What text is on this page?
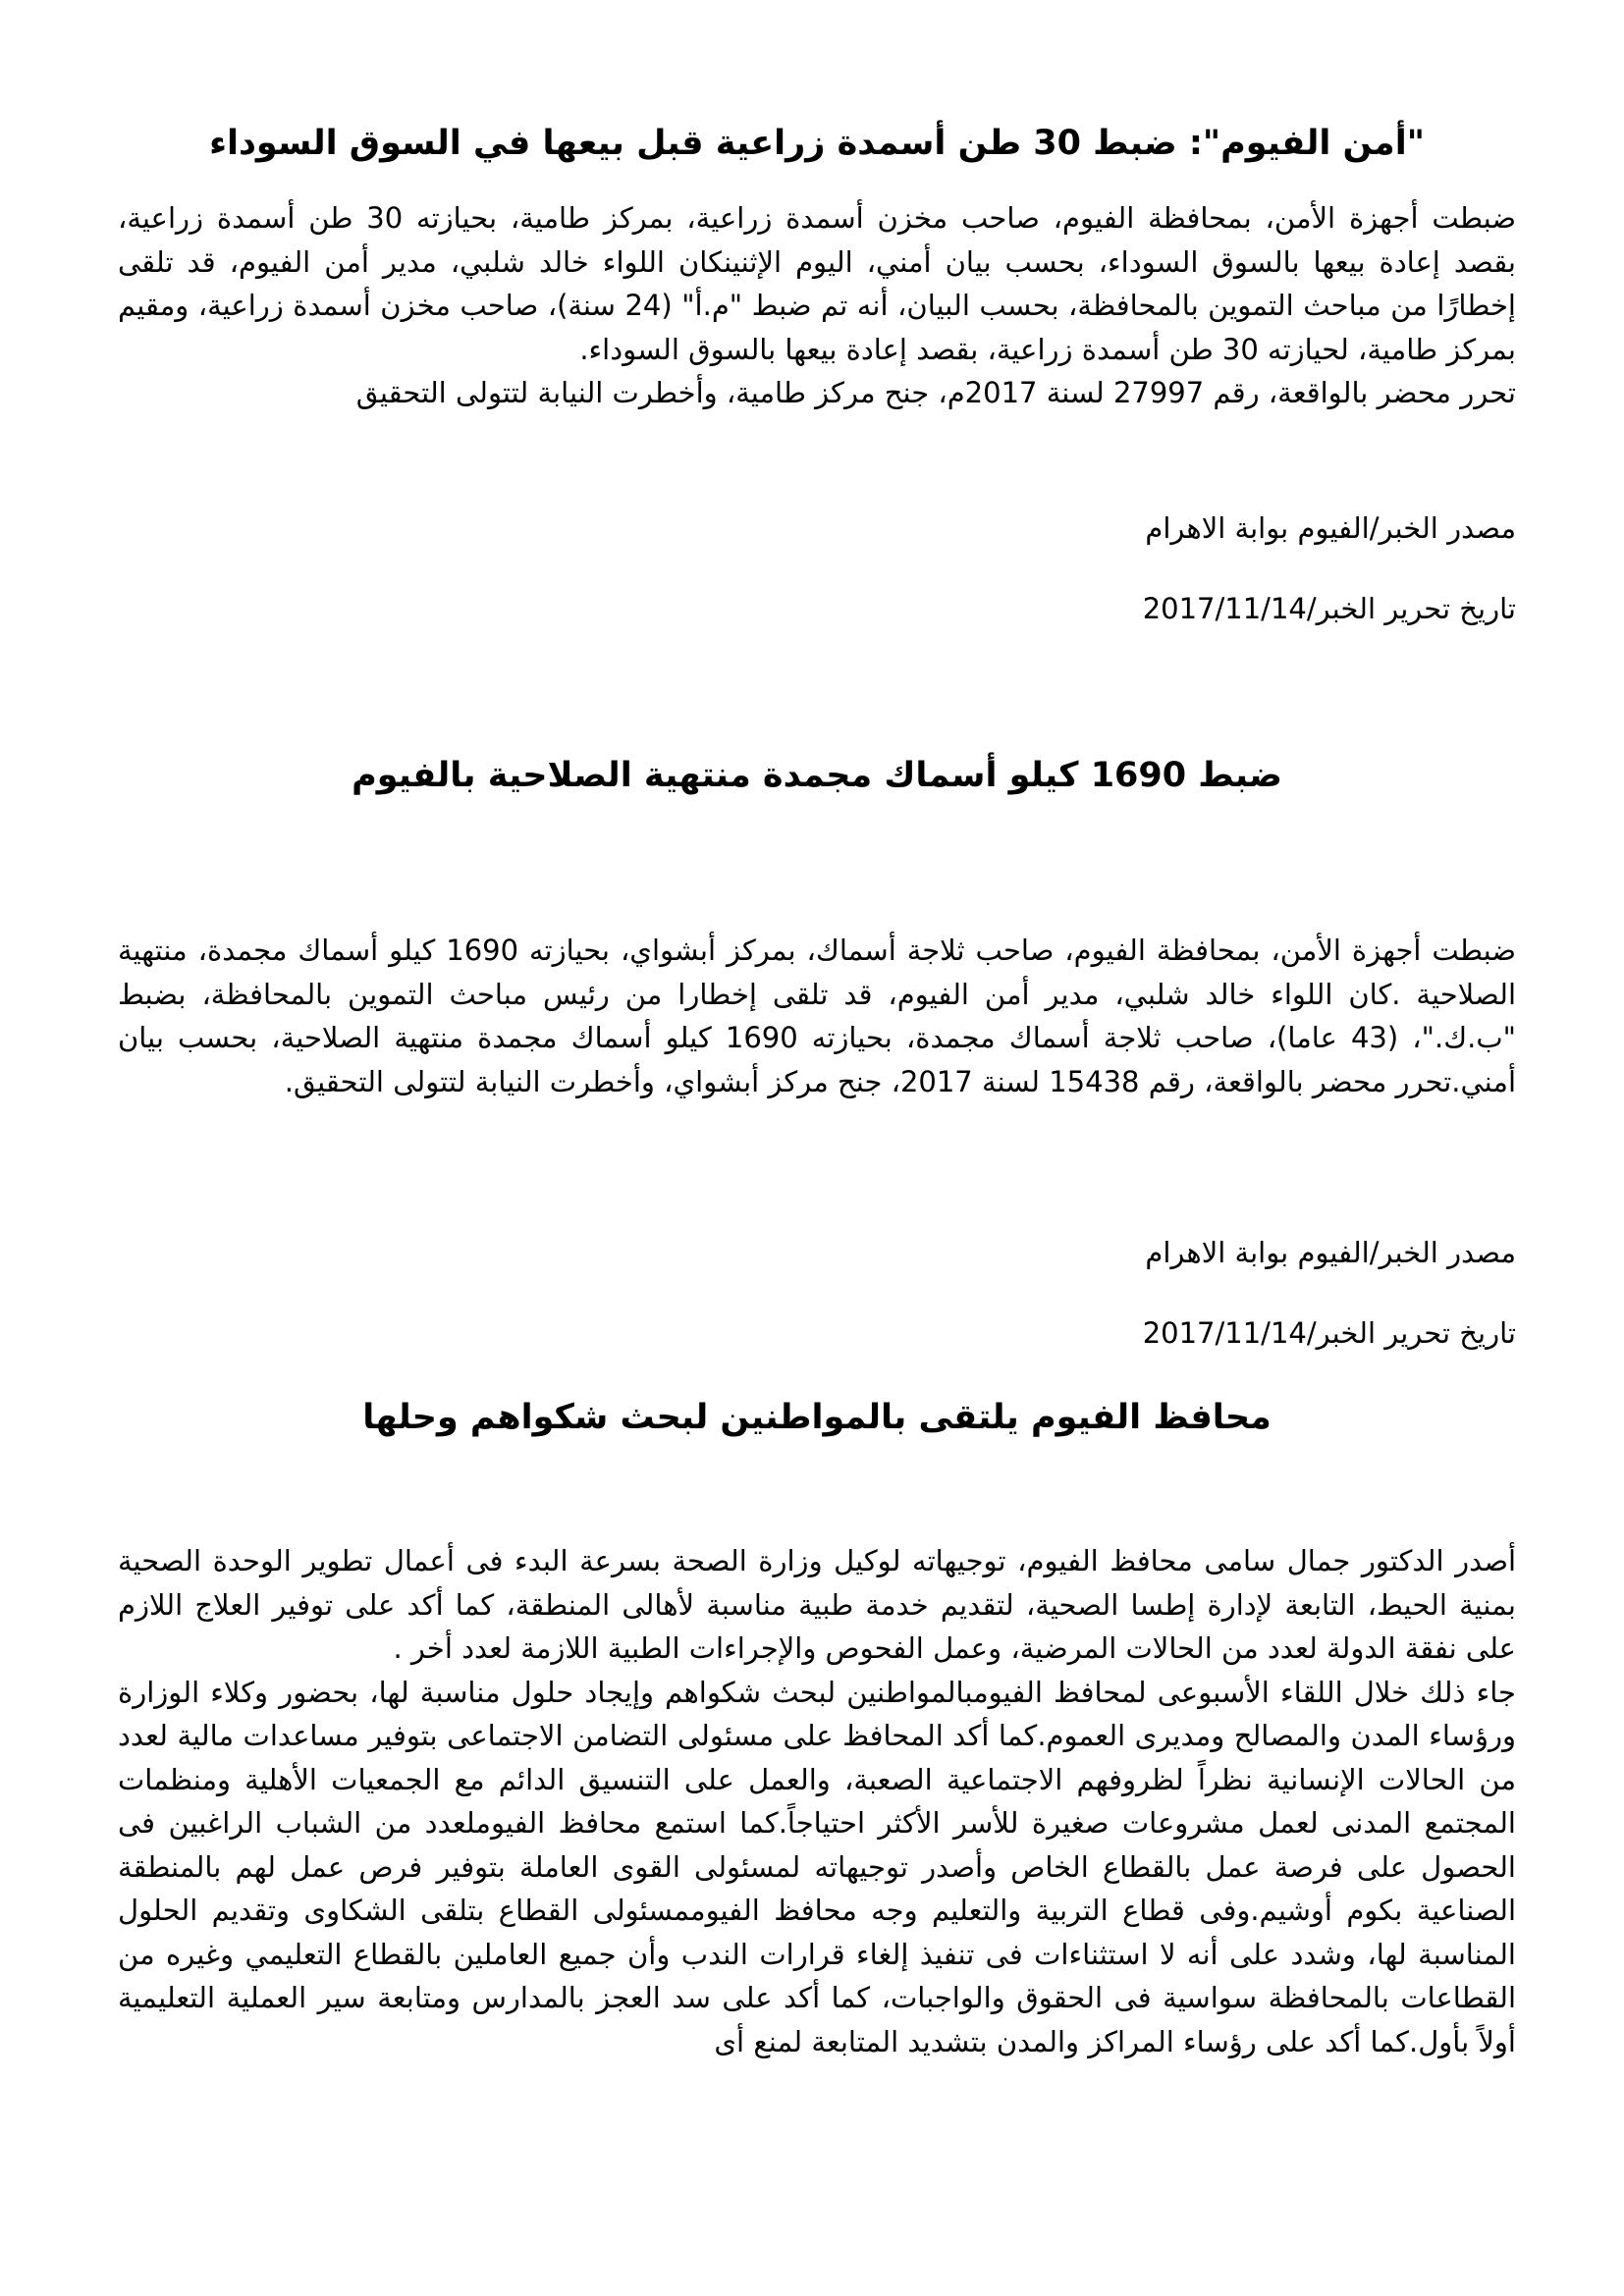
"أمن الفيوم": ضبط 30 طن أسمدة زراعية قبل بيعها في السوق السوداء

ضبطت أجهزة الأمن، بمحافظة الفيوم، صاحب مخزن أسمدة زراعية، بمركز طامية، بحيازته 30 طن أسمدة زراعية، بقصد إعادة بيعها بالسوق السوداء، بحسب بيان أمني، اليوم الإثنينكان اللواء خالد شلبي، مدير أمن الفيوم، قد تلقى إخطارًا من مباحث التموين بالمحافظة، بحسب البيان، أنه تم ضبط "م.أ" (24 سنة)، صاحب مخزن أسمدة زراعية، ومقيم بمركز طامية، لحيازته 30 طن أسمدة زراعية، بقصد إعادة بيعها بالسوق السوداء.

تحرر محضر بالواقعة، رقم 27997 لسنة 2017م، جنح مركز طامية، وأخطرت النيابة لتتولى التحقيق

مصدر الخبر/الفيوم بوابة الاهرام

تاريخ تحرير الخبر/2017/11/14

ضبط 1690 كيلو أسماك مجمدة منتهية الصلاحية بالفيوم

ضبطت أجهزة الأمن، بمحافظة الفيوم، صاحب ثلاجة أسماك، بمركز أبشواي، بحيازته 1690 كيلو أسماك مجمدة، منتهية الصلاحية .كان اللواء خالد شلبي، مدير أمن الفيوم، قد تلقى إخطارا من رئيس مباحث التموين بالمحافظة، بضبط "ب.ك."، (43 عاما)، صاحب ثلاجة أسماك مجمدة، بحيازته 1690 كيلو أسماك مجمدة منتهية الصلاحية، بحسب بيان أمني.تحرر محضر بالواقعة، رقم 15438 لسنة 2017، جنح مركز أبشواي، وأخطرت النيابة لتتولى التحقيق.

مصدر الخبر/الفيوم بوابة الاهرام

تاريخ تحرير الخبر/2017/11/14

محافظ الفيوم يلتقى بالمواطنين لبحث شكواهم وحلها

أصدر الدكتور جمال سامى محافظ الفيوم، توجيهاته لوكيل وزارة الصحة بسرعة البدء فى أعمال تطوير الوحدة الصحية بمنية الحيط، التابعة لإدارة إطسا الصحية، لتقديم خدمة طبية مناسبة لأهالى المنطقة، كما أكد على توفير العلاج اللازم على نفقة الدولة لعدد من الحالات المرضية، وعمل الفحوص والإجراءات الطبية اللازمة لعدد أخر .

جاء ذلك خلال اللقاء الأسبوعى لمحافظ الفيومبالمواطنين لبحث شكواهم وإيجاد حلول مناسبة لها، بحضور وكلاء الوزارة ورؤساء المدن والمصالح ومديرى العموم.كما أكد المحافظ على مسئولى التضامن الاجتماعى بتوفير مساعدات مالية لعدد من الحالات الإنسانية نظراً لظروفهم الاجتماعية الصعبة، والعمل على التنسيق الدائم مع الجمعيات الأهلية ومنظمات المجتمع المدنى لعمل مشروعات صغيرة للأسر الأكثر احتياجاً.كما استمع محافظ الفيوملعدد من الشباب الراغبين فى الحصول على فرصة عمل بالقطاع الخاص وأصدر توجيهاته لمسئولى القوى العاملة بتوفير فرص عمل لهم بالمنطقة الصناعية بكوم أوشيم.وفى قطاع التربية والتعليم وجه محافظ الفيوممسئولى القطاع بتلقى الشكاوى وتقديم الحلول المناسبة لها، وشدد على أنه لا استثناءات فى تنفيذ إلغاء قرارات الندب وأن جميع العاملين بالقطاع التعليمي وغيره من القطاعات بالمحافظة سواسية فى الحقوق والواجبات، كما أكد على سد العجز بالمدارس ومتابعة سير العملية التعليمية أولاً بأول.كما أكد على رؤساء المراكز والمدن بتشديد المتابعة لمنع أى
